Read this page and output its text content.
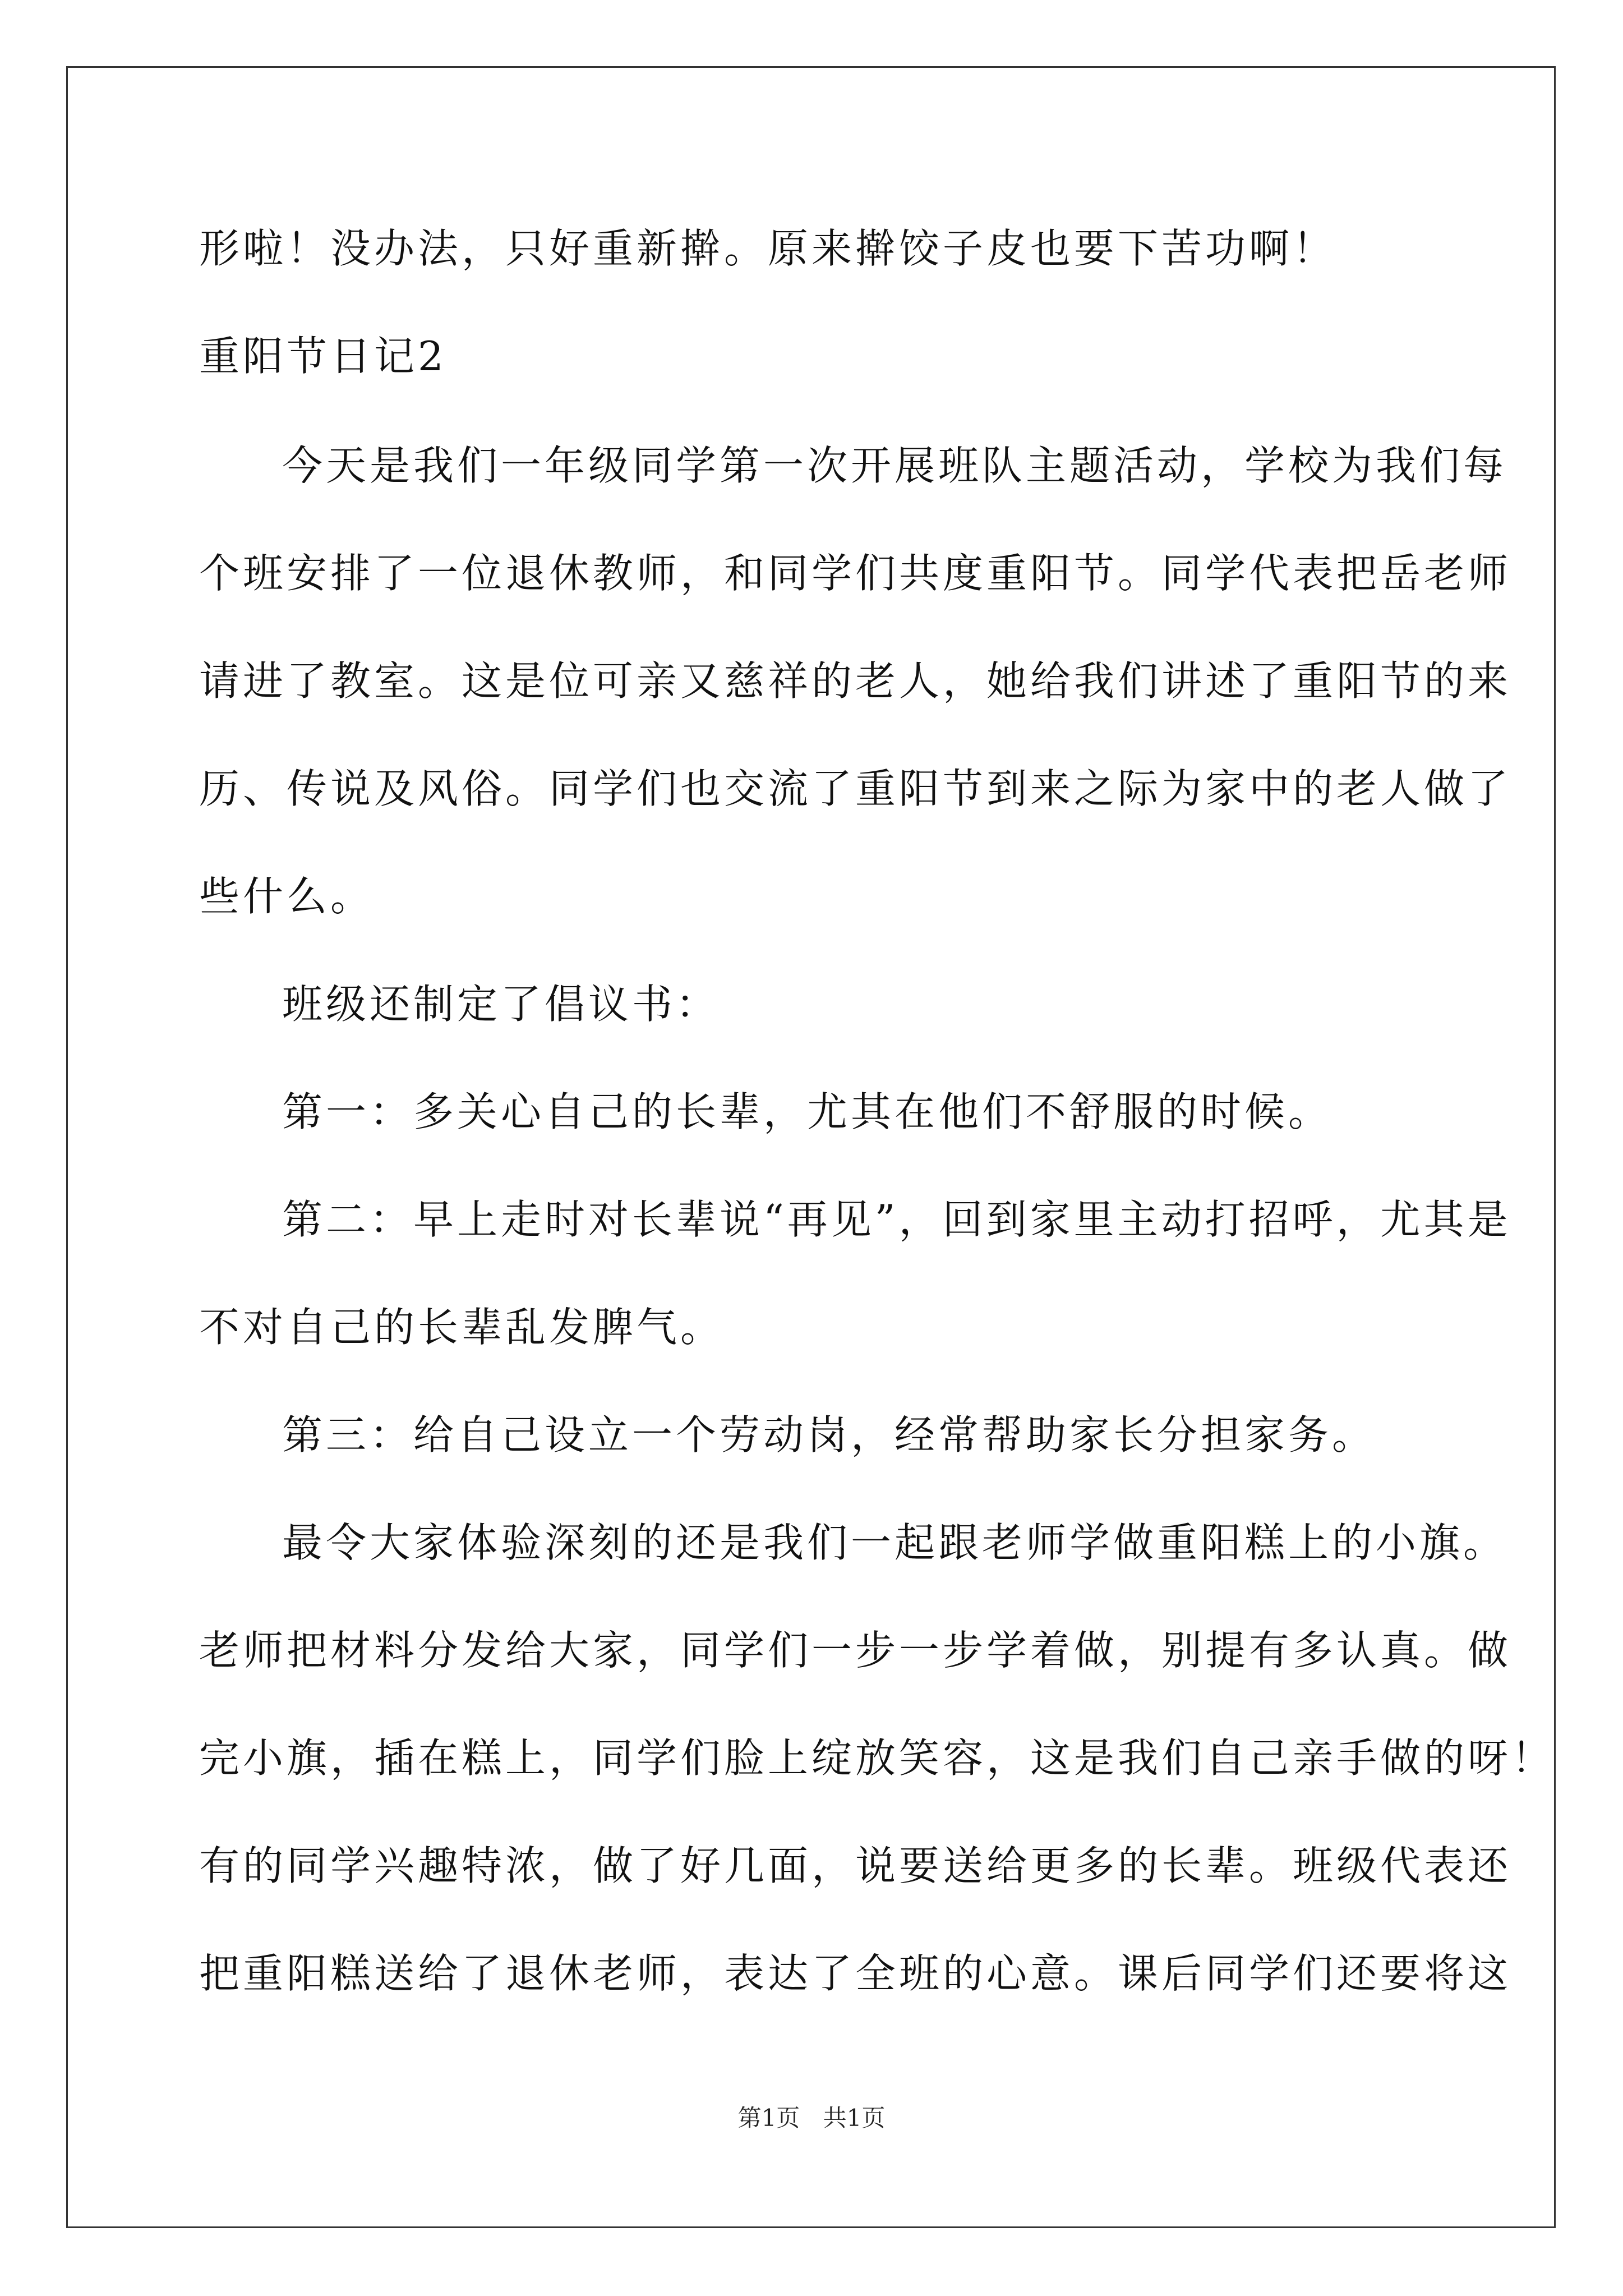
形啦！没办法，只好重新擀。原来擀饺子皮也要下苦功啊！
重阳节日记2
今天是我们一年级同学第一次开展班队主题活动，学校为我们每
个班安排了一位退休教师，和同学们共度重阳节。同学代表把岳老师
请进了教室。这是位可亲又慈祥的老人，她给我们讲述了重阳节的来
历、传说及风俗。同学们也交流了重阳节到来之际为家中的老人做了
些什么。
班级还制定了倡议书：
第一：多关心自己的长辈，尤其在他们不舒服的时候。
第二：早上走时对长辈说“再见”，回到家里主动打招呼，尤其是
不对自己的长辈乱发脾气。
第三：给自己设立一个劳动岗，经常帮助家长分担家务。
最令大家体验深刻的还是我们一起跟老师学做重阳糕上的小旗。
老师把材料分发给大家，同学们一步一步学着做，别提有多认真。做
完小旗，插在糕上，同学们脸上绽放笑容，这是我们自己亲手做的呀！
有的同学兴趣特浓，做了好几面，说要送给更多的长辈。班级代表还
把重阳糕送给了退休老师，表达了全班的心意。课后同学们还要将这
第1页 共1页
